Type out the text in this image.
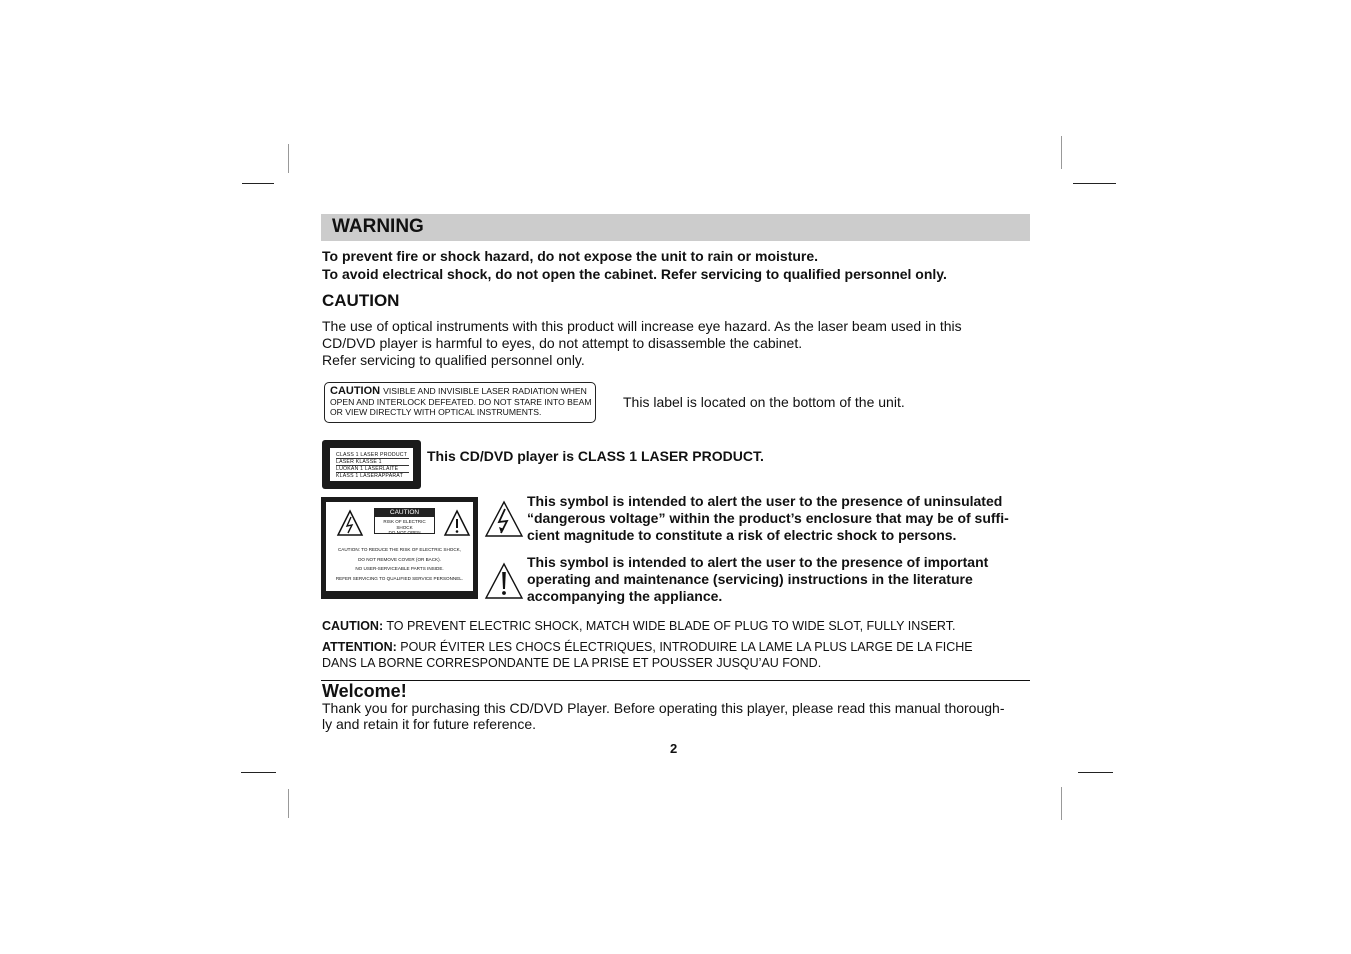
WARNING
To prevent fire or shock hazard, do not expose the unit to rain or moisture.
To avoid electrical shock, do not open the cabinet. Refer servicing to qualified personnel only.
CAUTION
The use of optical instruments with this product will increase eye hazard. As the laser beam used in this
CD/DVD player is harmful to eyes, do not attempt to disassemble the cabinet.
Refer servicing to qualified personnel only.
CAUTION VISIBLE AND INVISIBLE LASER RADIATION WHEN
OPEN AND INTERLOCK DEFEATED. DO NOT STARE INTO BEAM
OR VIEW DIRECTLY WITH OPTICAL INSTRUMENTS.
This label is located on the bottom of the unit.
CLASS 1 LASER PRODUCT
LASER KLASSE 1
LUOKAN 1 LASERLAITE
KLASS 1 LASERAPPARAT
This CD/DVD player is CLASS 1 LASER PRODUCT.
CAUTION
RISK OF ELECTRIC SHOCK
DO NOT OPEN
CAUTION: TO REDUCE THE RISK OF ELECTRIC SHOCK,
DO NOT REMOVE COVER (OR BACK).
NO USER-SERVICEABLE PARTS INSIDE.
REFER SERVICING TO QUALIFIED SERVICE PERSONNEL.
This symbol is intended to alert the user to the presence of uninsulated
“dangerous voltage” within the product’s enclosure that may be of suffi-
cient magnitude to constitute a risk of electric shock to persons.
This symbol is intended to alert the user to the presence of important
operating and maintenance (servicing) instructions in the literature
accompanying the appliance.
CAUTION: TO PREVENT ELECTRIC SHOCK, MATCH WIDE BLADE OF PLUG TO WIDE SLOT, FULLY INSERT.
ATTENTION: POUR ÉVITER LES CHOCS ÉLECTRIQUES, INTRODUIRE LA LAME LA PLUS LARGE DE LA FICHE
DANS LA BORNE CORRESPONDANTE DE LA PRISE ET POUSSER JUSQU’AU FOND.
Welcome!
Thank you for purchasing this CD/DVD Player. Before operating this player, please read this manual thorough-
ly and retain it for future reference.
2
